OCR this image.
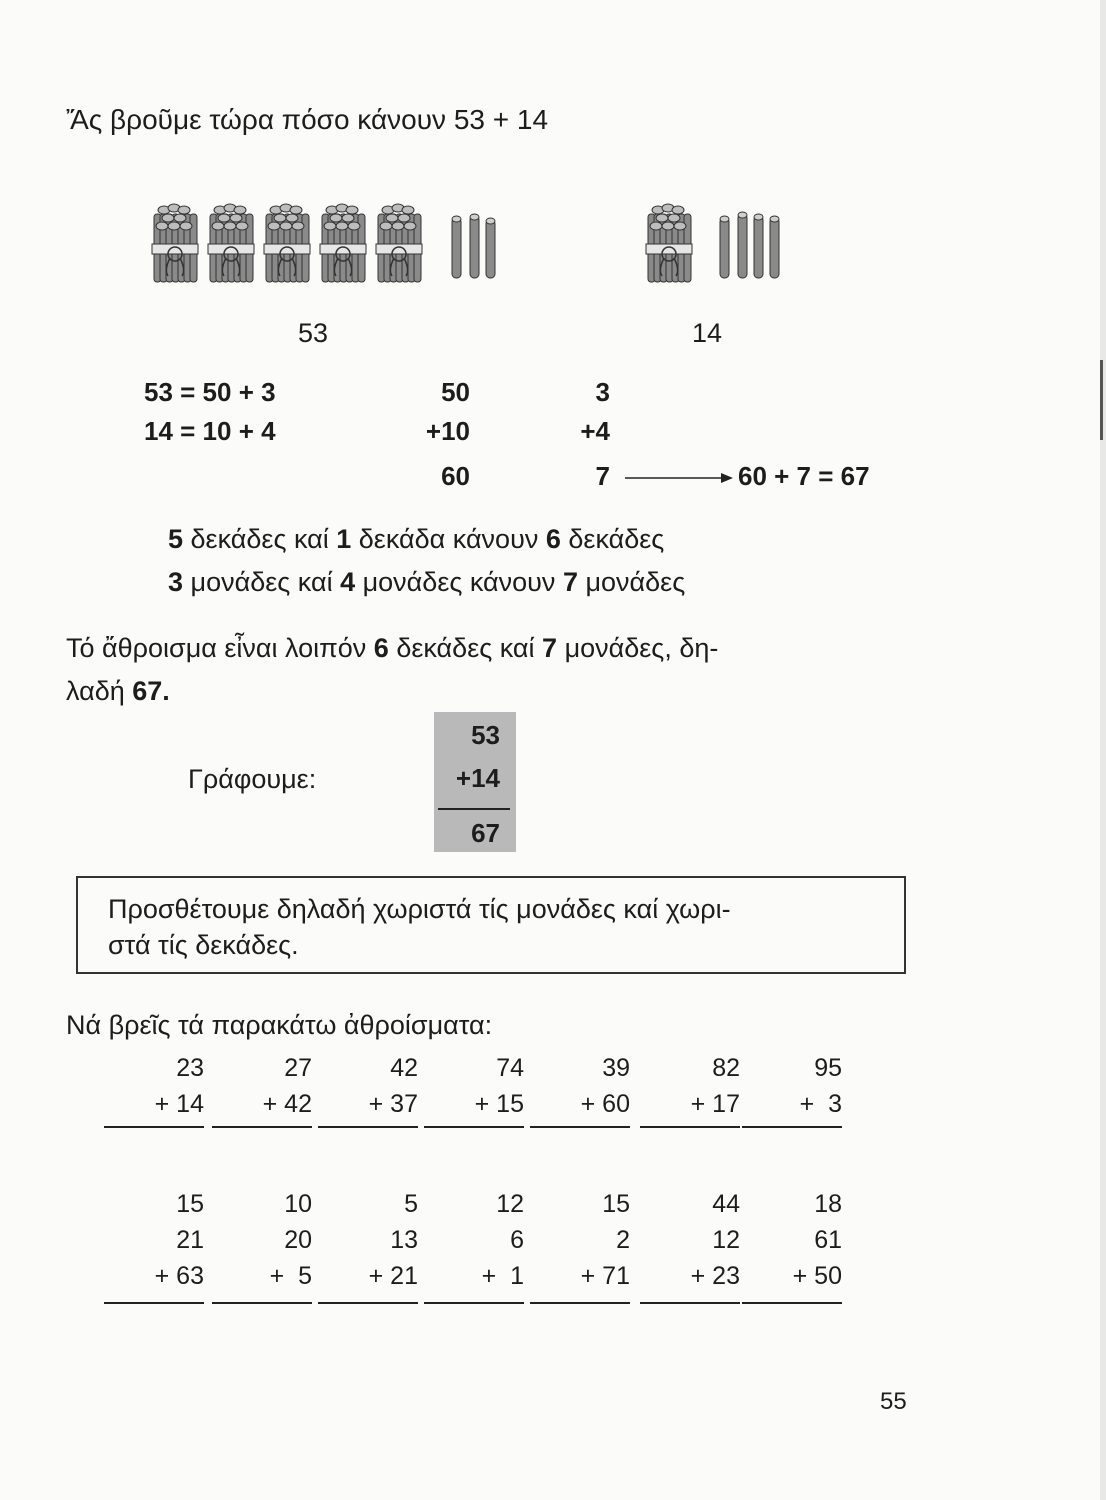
Ἄς βροῦμε τώρα πόσο κάνουν 53 + 14
53	14
53 = 50 + 3
14 = 10 + 4
50
+10
60
3
+4
7	60 + 7 = 67
5 δεκάδες καί 1 δεκάδα κάνουν 6 δεκάδες
3 μονάδες καί 4 μονάδες κάνουν 7 μονάδες
Τό ἄθροισμα εἶναι λοιπόν 6 δεκάδες καί 7 μονάδες, δη-
λαδή 67.
Γράφουμε:
53
+14
67
Προσθέτουμε δηλαδή χωριστά τίς μονάδες καί χωρι-
στά τίς δεκάδες.
Νά βρεῖς τά παρακάτω ἀθροίσματα:
23
+ 14
27
+ 42
42
+ 37
74
+ 15
39
+ 60
82
+ 17
95
+  3
15
21
+ 63
10
20
+  5
5
13
+ 21
12
6
+  1
15
2
+ 71
44
12
+ 23
18
61
+ 50
55
